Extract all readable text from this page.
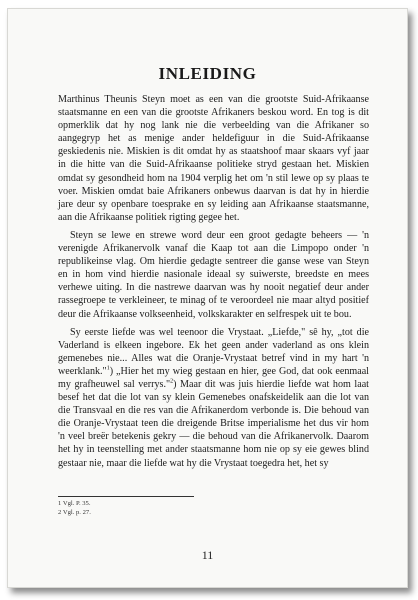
INLEIDING

Marthinus Theunis Steyn moet as een van die grootste Suid-Afrikaanse staatsmanne en een van die grootste Afrikaners beskou word. En tog is dit opmerklik dat hy nog lank nie die verbeelding van die Afrikaner so aangegryp het as menige ander heldefiguur in die Suid-Afrikaanse geskiedenis nie. Miskien is dit omdat hy as staatshoof maar skaars vyf jaar in die hitte van die Suid-Afrikaanse politieke stryd gestaan het. Miskien omdat sy gesondheid hom na 1904 verplig het om 'n stil lewe op sy plaas te voer. Miskien omdat baie Afrikaners onbewus daarvan is dat hy in hierdie jare deur sy openbare toesprake en sy leiding aan Afrikaanse staatsmanne, aan die Afrikaanse politiek rigting gegee het.

Steyn se lewe en strewe word deur een groot gedagte beheers — 'n verenigde Afrikanervolk vanaf die Kaap tot aan die Limpopo onder 'n republikeinse vlag. Om hierdie gedagte sentreer die ganse wese van Steyn en in hom vind hierdie nasionale ideaal sy suiwerste, breedste en mees verhewe uiting. In die nastrewe daarvan was hy nooit negatief deur ander rassegroepe te verkleineer, te minag of te veroordeel nie maar altyd positief deur die Afrikaanse volkseenheid, volkskarakter en selfrespek uit te bou.

Sy eerste liefde was wel teenoor die Vrystaat. „Liefde," sê hy, „tot die Vaderland is elkeen ingebore. Ek het geen ander vaderland as ons klein gemenebes nie... Alles wat die Oranje-Vrystaat betref vind in my hart 'n weerklank."$^1$) „Hier het my wieg gestaan en hier, gee God, dat ook eenmaal my grafheuwel sal verrys."$^2$) Maar dit was juis hierdie liefde wat hom laat besef het dat die lot van sy klein Gemenebes onafskeidelik aan die lot van die Transvaal en die res van die Afrikanerdom verbonde is. Die behoud van die Oranje-Vrystaat teen die dreigende Britse imperialisme het dus vir hom 'n veel breër betekenis gekry — die behoud van die Afrikanervolk. Daarom het hy in teenstelling met ander staatsmanne hom nie op sy eie gewes blind gestaar nie, maar die liefde wat hy die Vrystaat toegedra het, het sy

1 Vgl. P. 35.
2 Vgl. p. 27.
11
